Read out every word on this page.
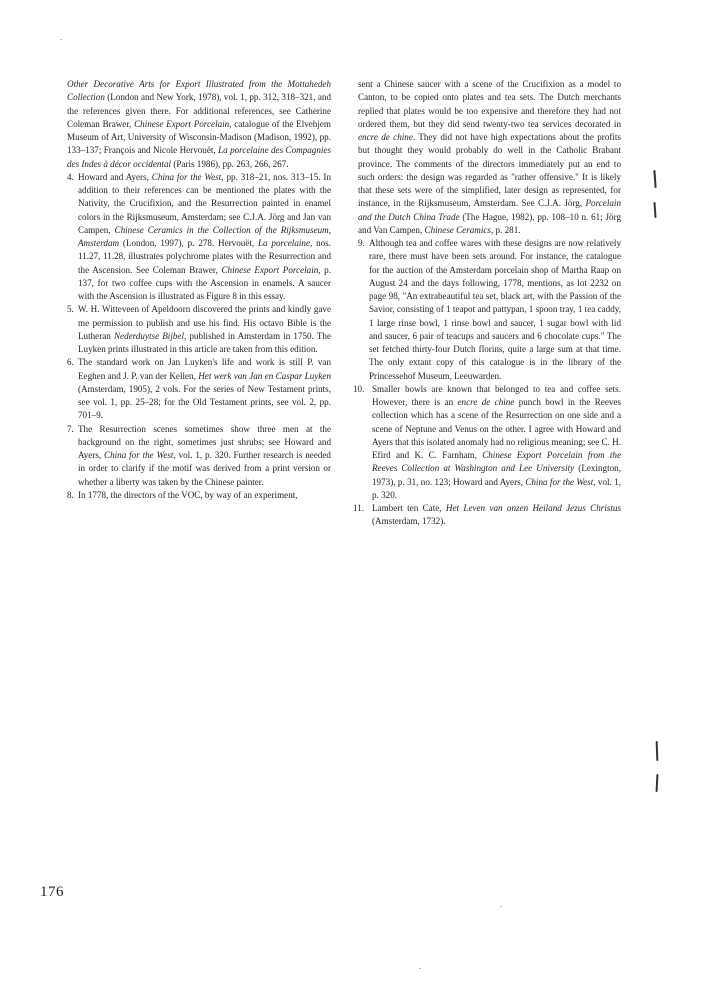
Other Decorative Arts for Export Illustrated from the Mottahedeh Collection (London and New York, 1978), vol. 1, pp. 312, 318–321, and the references given there. For additional references, see Catherine Coleman Brawer, Chinese Export Porcelain, catalogue of the Elvehjem Museum of Art, University of Wisconsin-Madison (Madison, 1992), pp. 133–137; François and Nicole Hervouët, La porcelaine des Compagnies des Indes à décor occidental (Paris 1986), pp. 263, 266, 267.

4. Howard and Ayers, China for the West, pp. 318–21, nos. 313–15. In addition to their references can be mentioned the plates with the Nativity, the Crucifixion, and the Resurrection painted in enamel colors in the Rijksmuseum, Amsterdam; see C.J.A. Jörg and Jan van Campen, Chinese Ceramics in the Collection of the Rijksmuseum, Amsterdam (London, 1997), p. 278. Hervouët, La porcelaine, nos. 11.27, 11.28, illustrates polychrome plates with the Resurrection and the Ascension. See Coleman Brawer, Chinese Export Porcelain, p. 137, for two coffee cups with the Ascension in enamels. A saucer with the Ascension is illustrated as Figure 8 in this essay.

5. W. H. Witteveen of Apeldoorn discovered the prints and kindly gave me permission to publish and use his find. His octavo Bible is the Lutheran Nederduytse Bijbel, published in Amsterdam in 1750. The Luyken prints illustrated in this article are taken from this edition.

6. The standard work on Jan Luyken's life and work is still P. van Eeghen and J. P. van der Kellen, Het werk van Jan en Caspar Luyken (Amsterdam, 1905), 2 vols. For the series of New Testament prints, see vol. 1, pp. 25–28; for the Old Testament prints, see vol. 2, pp. 701–9.

7. The Resurrection scenes sometimes show three men at the background on the right, sometimes just shrubs; see Howard and Ayers, China for the West, vol. 1, p. 320. Further research is needed in order to clarify if the motif was derived from a print version or whether a liberty was taken by the Chinese painter.

8. In 1778, the directors of the VOC, by way of an experiment,

sent a Chinese saucer with a scene of the Crucifixion as a model to Canton, to be copied onto plates and tea sets. The Dutch merchants replied that plates would be too expensive and therefore they had not ordered them, but they did send twenty-two tea services decorated in encre de chine. They did not have high expectations about the profits but thought they would probably do well in the Catholic Brabant province. The comments of the directors immediately put an end to such orders: the design was regarded as "rather offensive." It is likely that these sets were of the simplified, later design as represented, for instance, in the Rijksmuseum, Amsterdam. See C.J.A. Jörg, Porcelain and the Dutch China Trade (The Hague, 1982), pp. 108–10 n. 61; Jörg and Van Campen, Chinese Ceramics, p. 281.

9. Although tea and coffee wares with these designs are now relatively rare, there must have been sets around. For instance, the catalogue for the auction of the Amsterdam porcelain shop of Martha Raap on August 24 and the days following, 1778, mentions, as lot 2232 on page 98, "An extrabeautiful tea set, black art, with the Passion of the Savior, consisting of 1 teapot and pattypan, 1 spoon tray, 1 tea caddy, 1 large rinse bowl, 1 rinse bowl and saucer, 1 sugar bowl with lid and saucer, 6 pair of teacups and saucers and 6 chocolate cups." The set fetched thirty-four Dutch florins, quite a large sum at that time. The only extant copy of this catalogue is in the library of the Princessehof Museum, Leeuwarden.

10. Smaller bowls are known that belonged to tea and coffee sets. However, there is an encre de chine punch bowl in the Reeves collection which has a scene of the Resurrection on one side and a scene of Neptune and Venus on the other. I agree with Howard and Ayers that this isolated anomaly had no religious meaning; see C. H. Efird and K. C. Farnham, Chinese Export Porcelain from the Reeves Collection at Washington and Lee University (Lexington, 1973), p. 31, no. 123; Howard and Ayers, China for the West, vol. 1, p. 320.

11. Lambert ten Cate, Het Leven van onzen Heiland Jezus Christus (Amsterdam, 1732).

176
